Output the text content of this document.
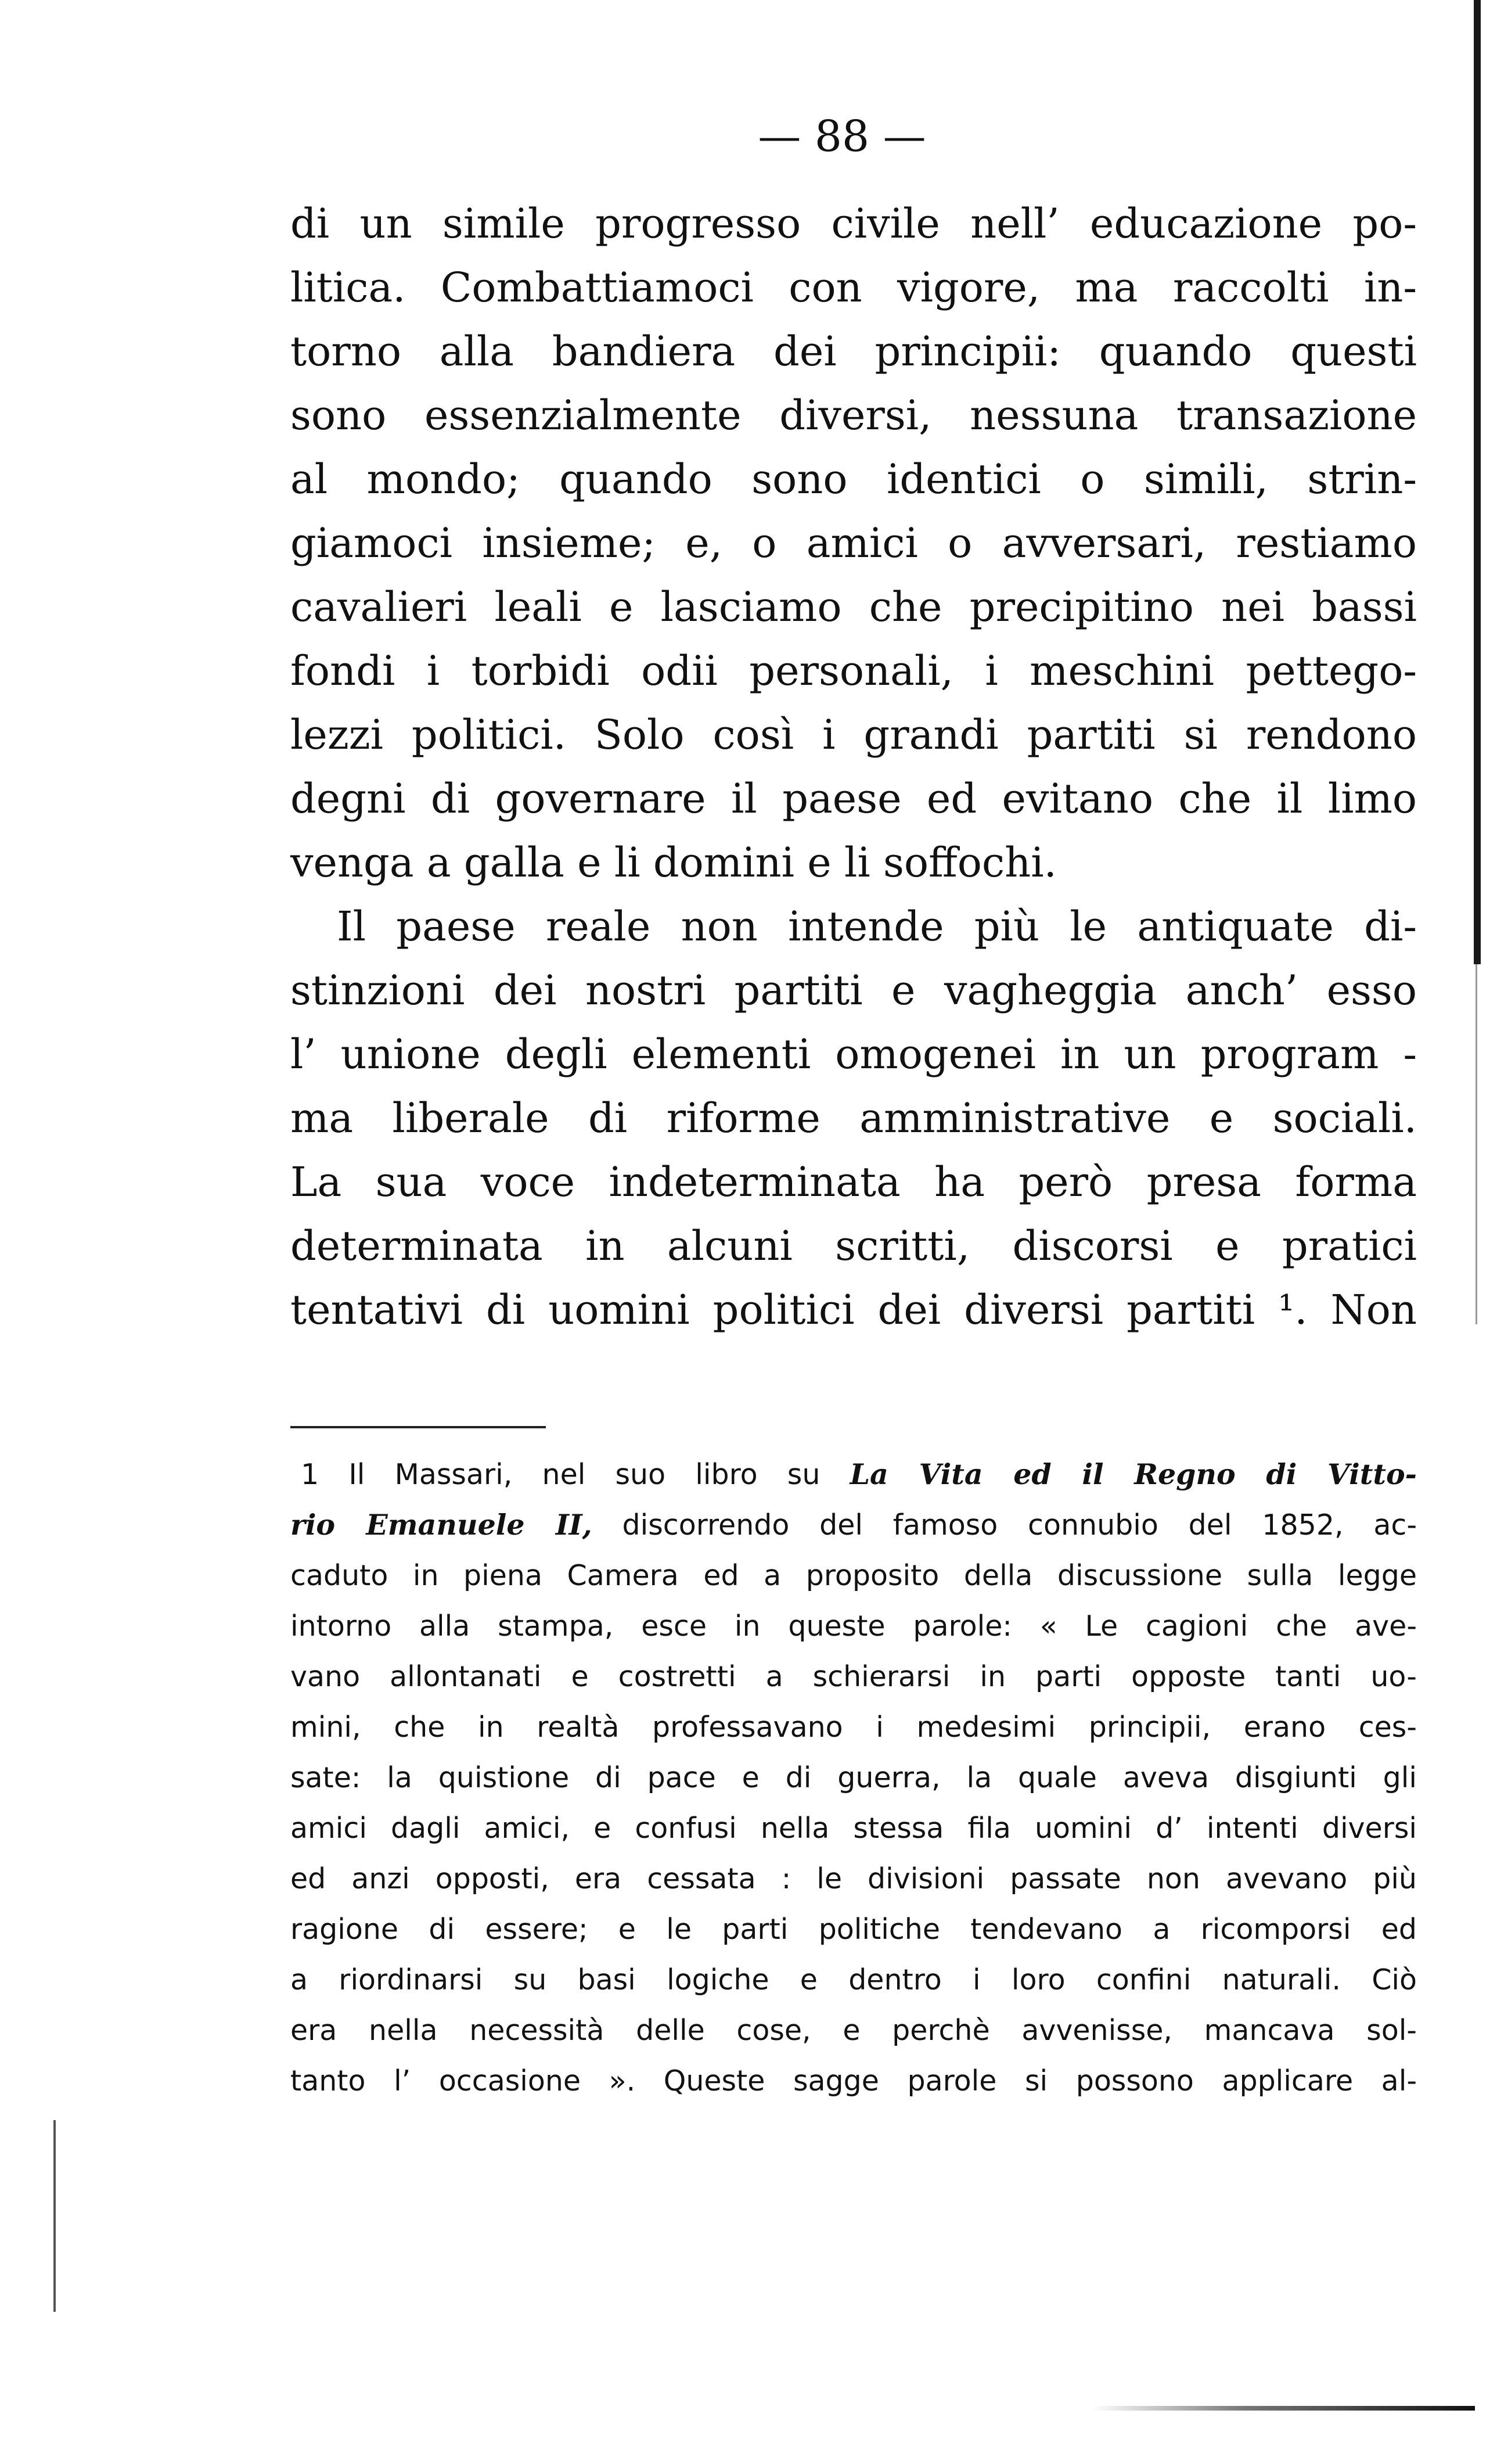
— 88 —
di un simile progresso civile nell’ educazione po-
litica. Combattiamoci con vigore, ma raccolti in-
torno alla bandiera dei principii: quando questi
sono essenzialmente diversi, nessuna transazione
al mondo; quando sono identici o simili, strin-
giamoci insieme; e, o amici o avversari, restiamo
cavalieri leali e lasciamo che precipitino nei bassi
fondi i torbidi odii personali, i meschini pettego-
lezzi politici. Solo così i grandi partiti si rendono
degni di governare il paese ed evitano che il limo
venga a galla e li domini e li soffochi.
Il paese reale non intende più le antiquate di-
stinzioni dei nostri partiti e vagheggia anch’ esso
l’ unione degli elementi omogenei in un program -
ma liberale di riforme amministrative e sociali.
La sua voce indeterminata ha però presa forma
determinata in alcuni scritti, discorsi e pratici
tentativi di uomini politici dei diversi partiti ¹. Non
1 Il Massari, nel suo libro su La Vita ed il Regno di Vitto-
rio Emanuele II, discorrendo del famoso connubio del 1852, ac-
caduto in piena Camera ed a proposito della discussione sulla legge
intorno alla stampa, esce in queste parole: « Le cagioni che ave-
vano allontanati e costretti a schierarsi in parti opposte tanti uo-
mini, che in realtà professavano i medesimi principii, erano ces-
sate: la quistione di pace e di guerra, la quale aveva disgiunti gli
amici dagli amici, e confusi nella stessa fila uomini d’ intenti diversi
ed anzi opposti, era cessata : le divisioni passate non avevano più
ragione di essere; e le parti politiche tendevano a ricomporsi ed
a riordinarsi su basi logiche e dentro i loro confini naturali. Ciò
era nella necessità delle cose, e perchè avvenisse, mancava sol-
tanto l’ occasione ». Queste sagge parole si possono applicare al-
